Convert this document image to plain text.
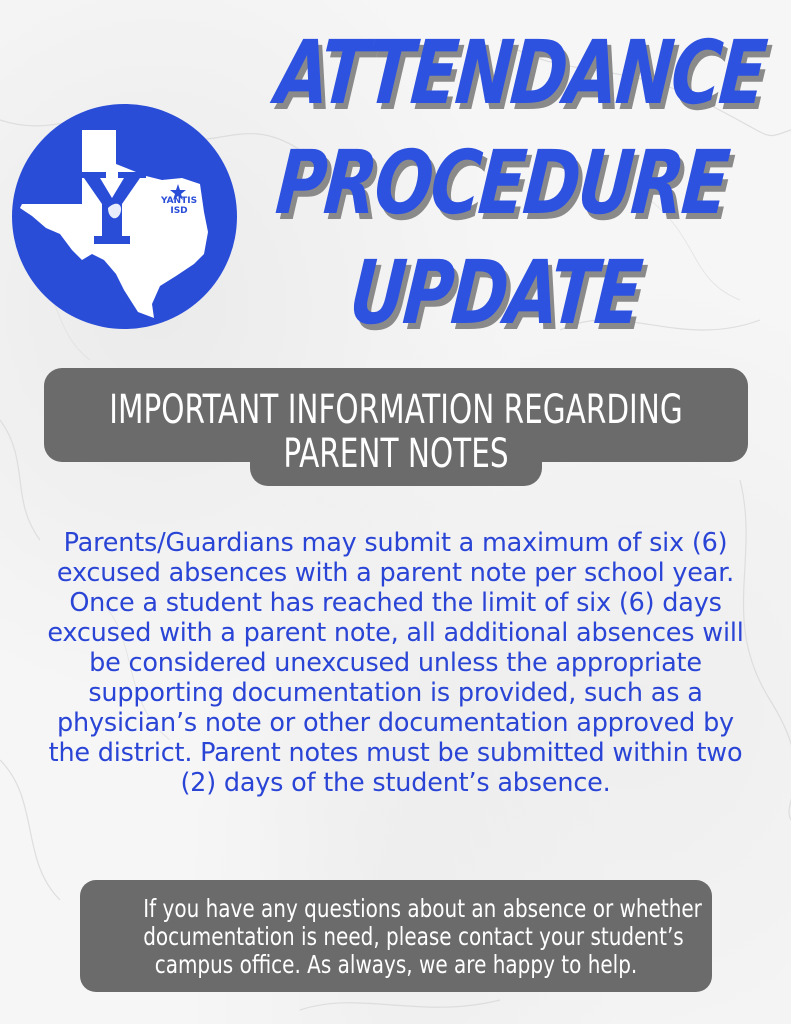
YANTIS
ISD
ATTENDANCE
PROCEDURE
UPDATE
IMPORTANT INFORMATION REGARDING
PARENT NOTES

Parents/Guardians may submit a maximum of six (6) excused absences with a parent note per school year. Once a student has reached the limit of six (6) days excused with a parent note, all additional absences will be considered unexcused unless the appropriate supporting documentation is provided, such as a physician’s note or other documentation approved by the district. Parent notes must be submitted within two (2) days of the student’s absence.

If you have any questions about an absence or whether
documentation is need, please contact your student’s
campus office. As always, we are happy to help.
